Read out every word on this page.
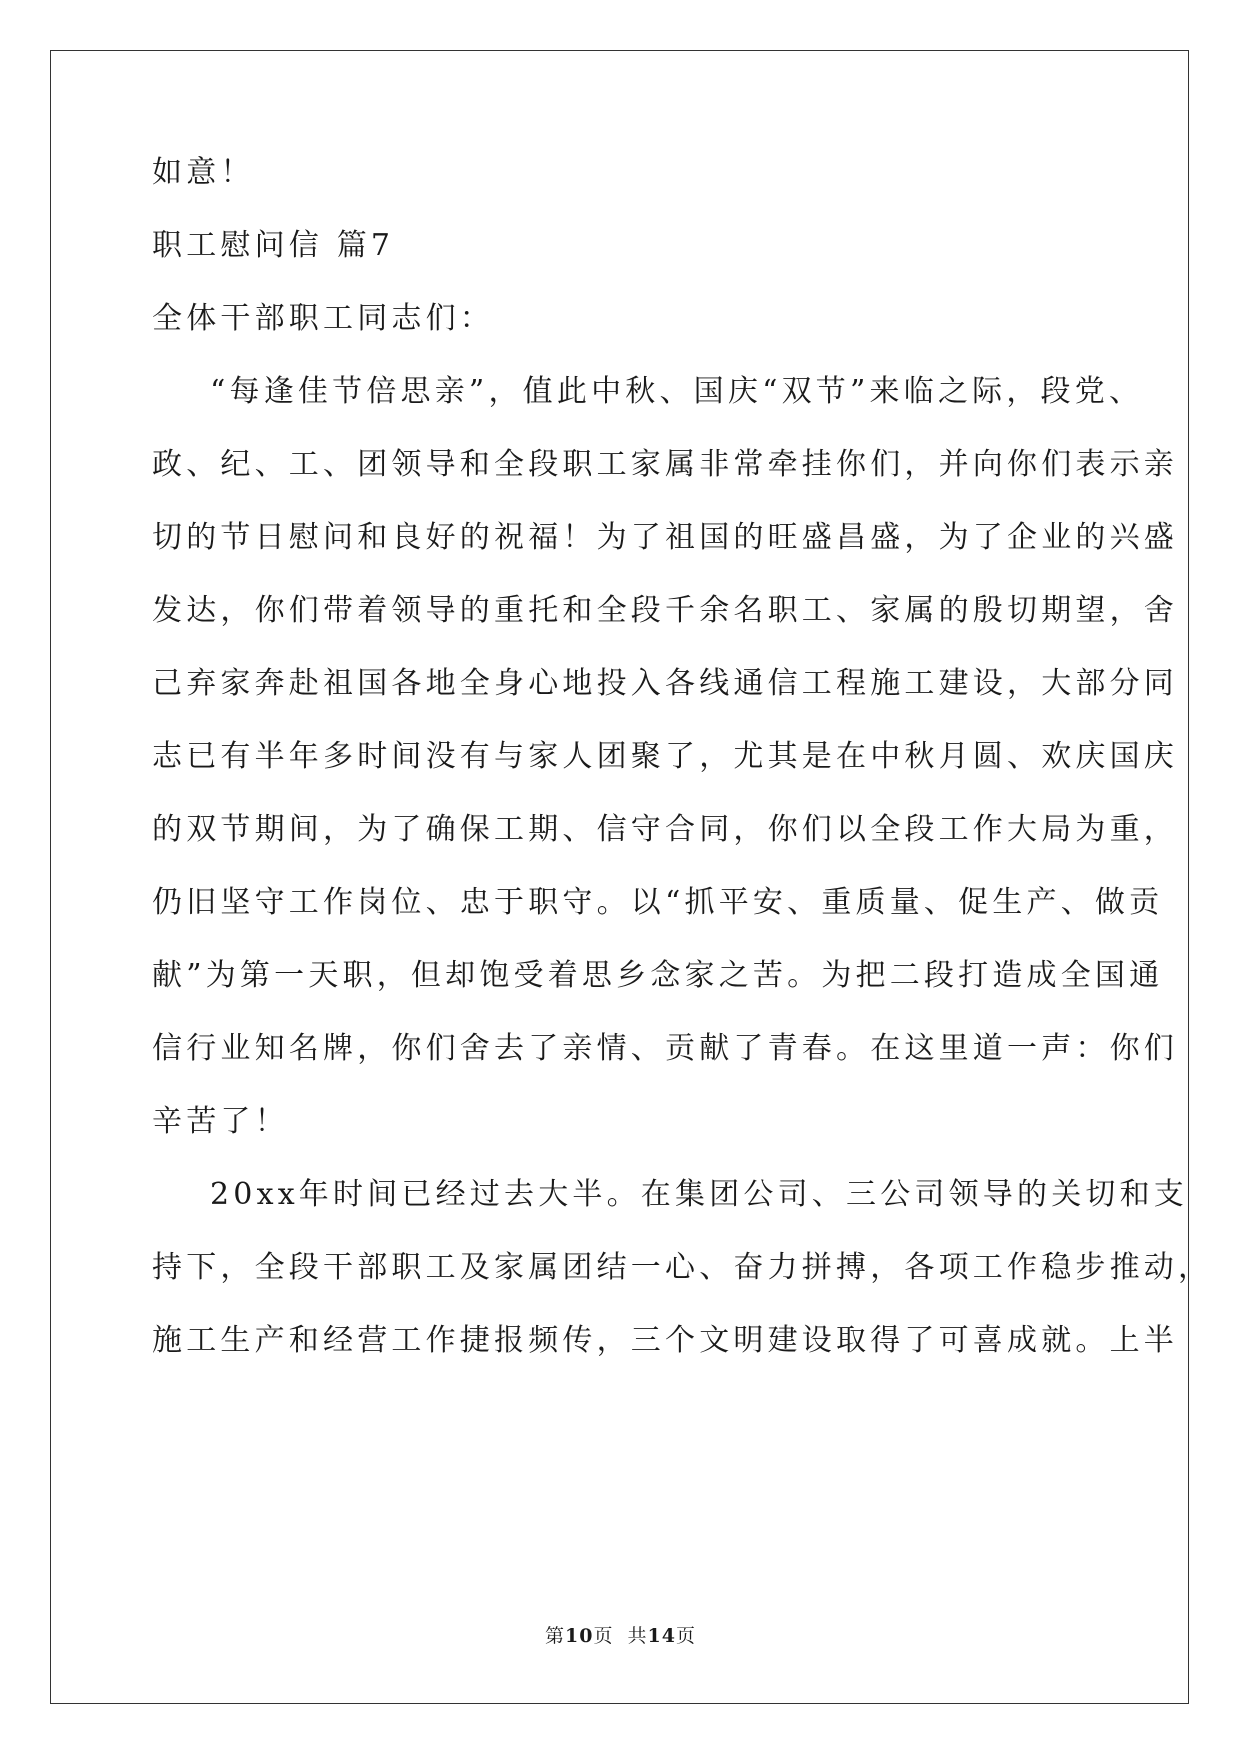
如意！
职工慰问信 篇7
全体干部职工同志们：
“每逢佳节倍思亲”，值此中秋、国庆“双节”来临之际，段党、
政、纪、工、团领导和全段职工家属非常牵挂你们，并向你们表示亲
切的节日慰问和良好的祝福！为了祖国的旺盛昌盛，为了企业的兴盛
发达，你们带着领导的重托和全段千余名职工、家属的殷切期望，舍
己弃家奔赴祖国各地全身心地投入各线通信工程施工建设，大部分同
志已有半年多时间没有与家人团聚了，尤其是在中秋月圆、欢庆国庆
的双节期间，为了确保工期、信守合同，你们以全段工作大局为重，
仍旧坚守工作岗位、忠于职守。以“抓平安、重质量、促生产、做贡
献”为第一天职，但却饱受着思乡念家之苦。为把二段打造成全国通
信行业知名牌，你们舍去了亲情、贡献了青春。在这里道一声：你们
辛苦了！
20xx年时间已经过去大半。在集团公司、三公司领导的关切和支
持下，全段干部职工及家属团结一心、奋力拼搏，各项工作稳步推动，
施工生产和经营工作捷报频传，三个文明建设取得了可喜成就。上半
第10页  共14页
